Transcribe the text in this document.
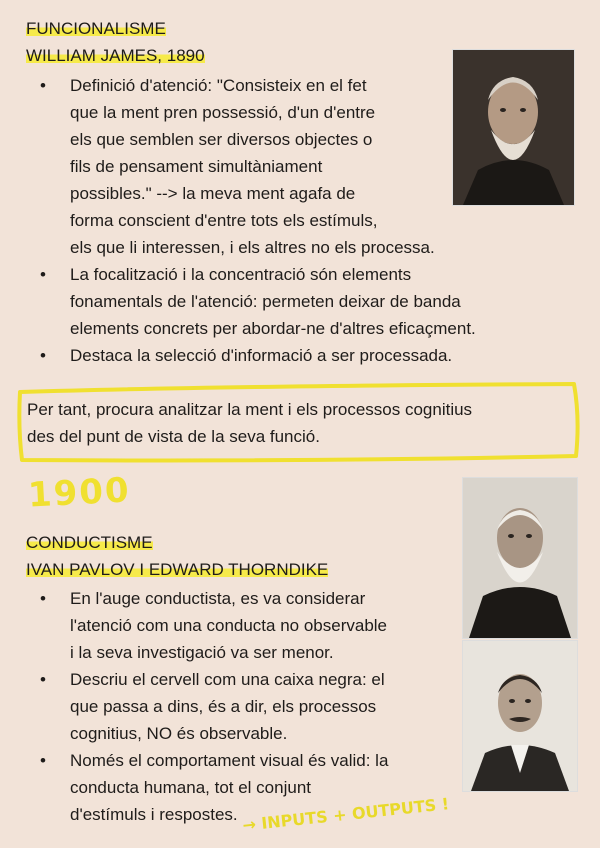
FUNCIONALISME
WILLIAM JAMES, 1890
• Definició d'atenció: "Consisteix en el fet
que la ment pren possessió, d'un d'entre
els que semblen ser diversos objectes o
fils de pensament simultàniament
possibles." --> la meva ment agafa de
forma conscient d'entre tots els estímuls,
els que li interessen, i els altres no els processa.
• La focalització i la concentració són elements
fonamentals de l'atenció: permeten deixar de banda
elements concrets per abordar-ne d'altres eficaçment.
• Destaca la selecció d'informació a ser processada.
Per tant, procura analitzar la ment i els processos cognitius
des del punt de vista de la seva funció.
1900
CONDUCTISME
IVAN PAVLOV I EDWARD THORNDIKE
• En l'auge conductista, es va considerar
l'atenció com una conducta no observable
i la seva investigació va ser menor.
• Descriu el cervell com una caixa negra: el
que passa a dins, és a dir, els processos
cognitius, NO és observable.
• Només el comportament visual és valid: la
conducta humana, tot el conjunt
d'estímuls i respostes. → INPUTS + OUTPUTS !
